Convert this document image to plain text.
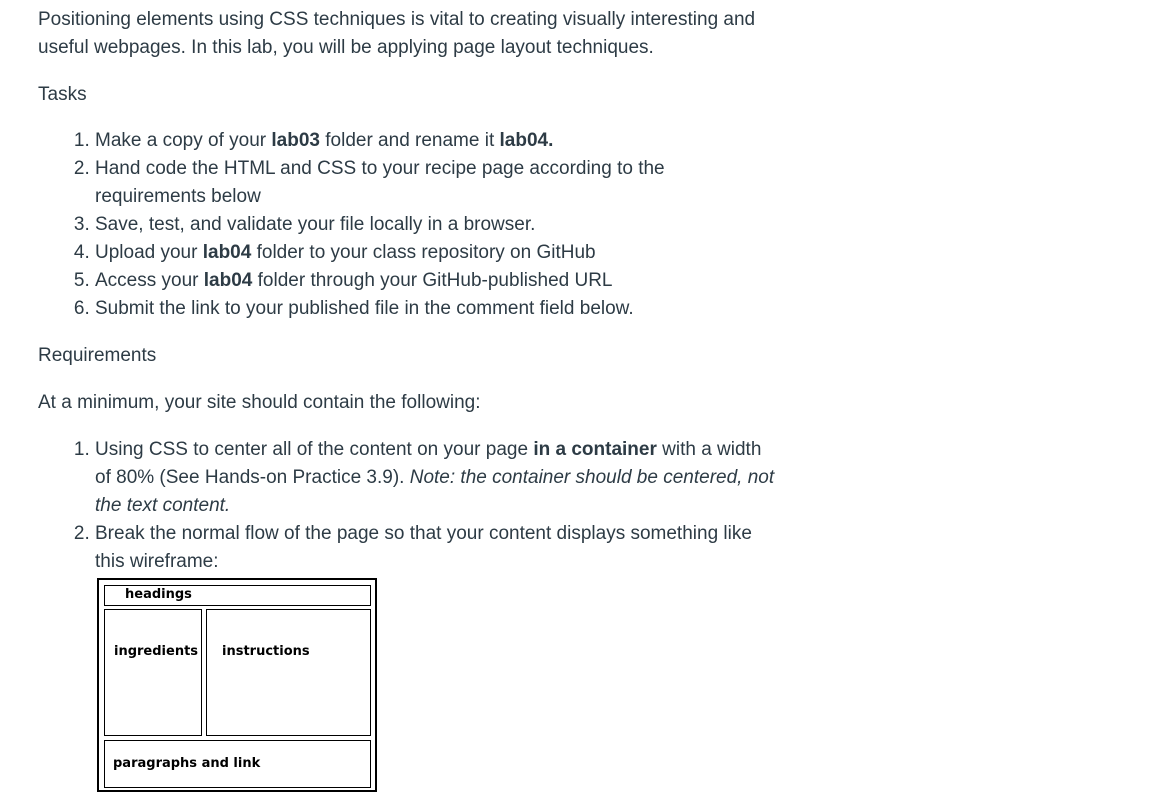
Positioning elements using CSS techniques is vital to creating visually interesting and useful webpages. In this lab, you will be applying page layout techniques.

Tasks

1. Make a copy of your lab03 folder and rename it lab04.
2. Hand code the HTML and CSS to your recipe page according to the requirements below
3. Save, test, and validate your file locally in a browser.
4. Upload your lab04 folder to your class repository on GitHub
5. Access your lab04 folder through your GitHub-published URL
6. Submit the link to your published file in the comment field below.

Requirements

At a minimum, your site should contain the following:

1. Using CSS to center all of the content on your page in a container with a width of 80% (See Hands-on Practice 3.9). Note: the container should be centered, not the text content.
2. Break the normal flow of the page so that your content displays something like this wireframe:
headings
ingredients	instructions
paragraphs and link
